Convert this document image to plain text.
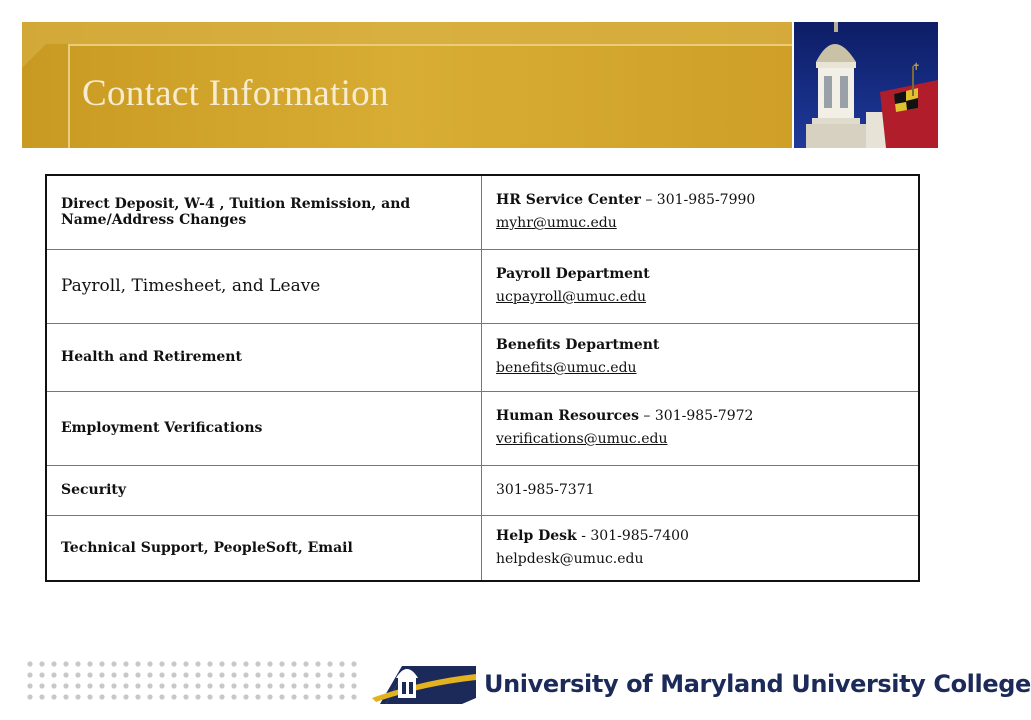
Contact Information
✝
Direct Deposit, W-4 , Tuition Remission, and Name/Address Changes	HR Service Center – 301-985-7990
myhr@umuc.edu

Payroll, Timesheet, and Leave	Payroll Department
ucpayroll@umuc.edu

Health and Retirement	Benefits Department
benefits@umuc.edu

Employment Verifications	Human Resources – 301-985-7972
verifications@umuc.edu

Security	301-985-7371
Technical Support, PeopleSoft, Email	Help Desk - 301-985-7400
helpdesk@umuc.edu
University of Maryland University College
